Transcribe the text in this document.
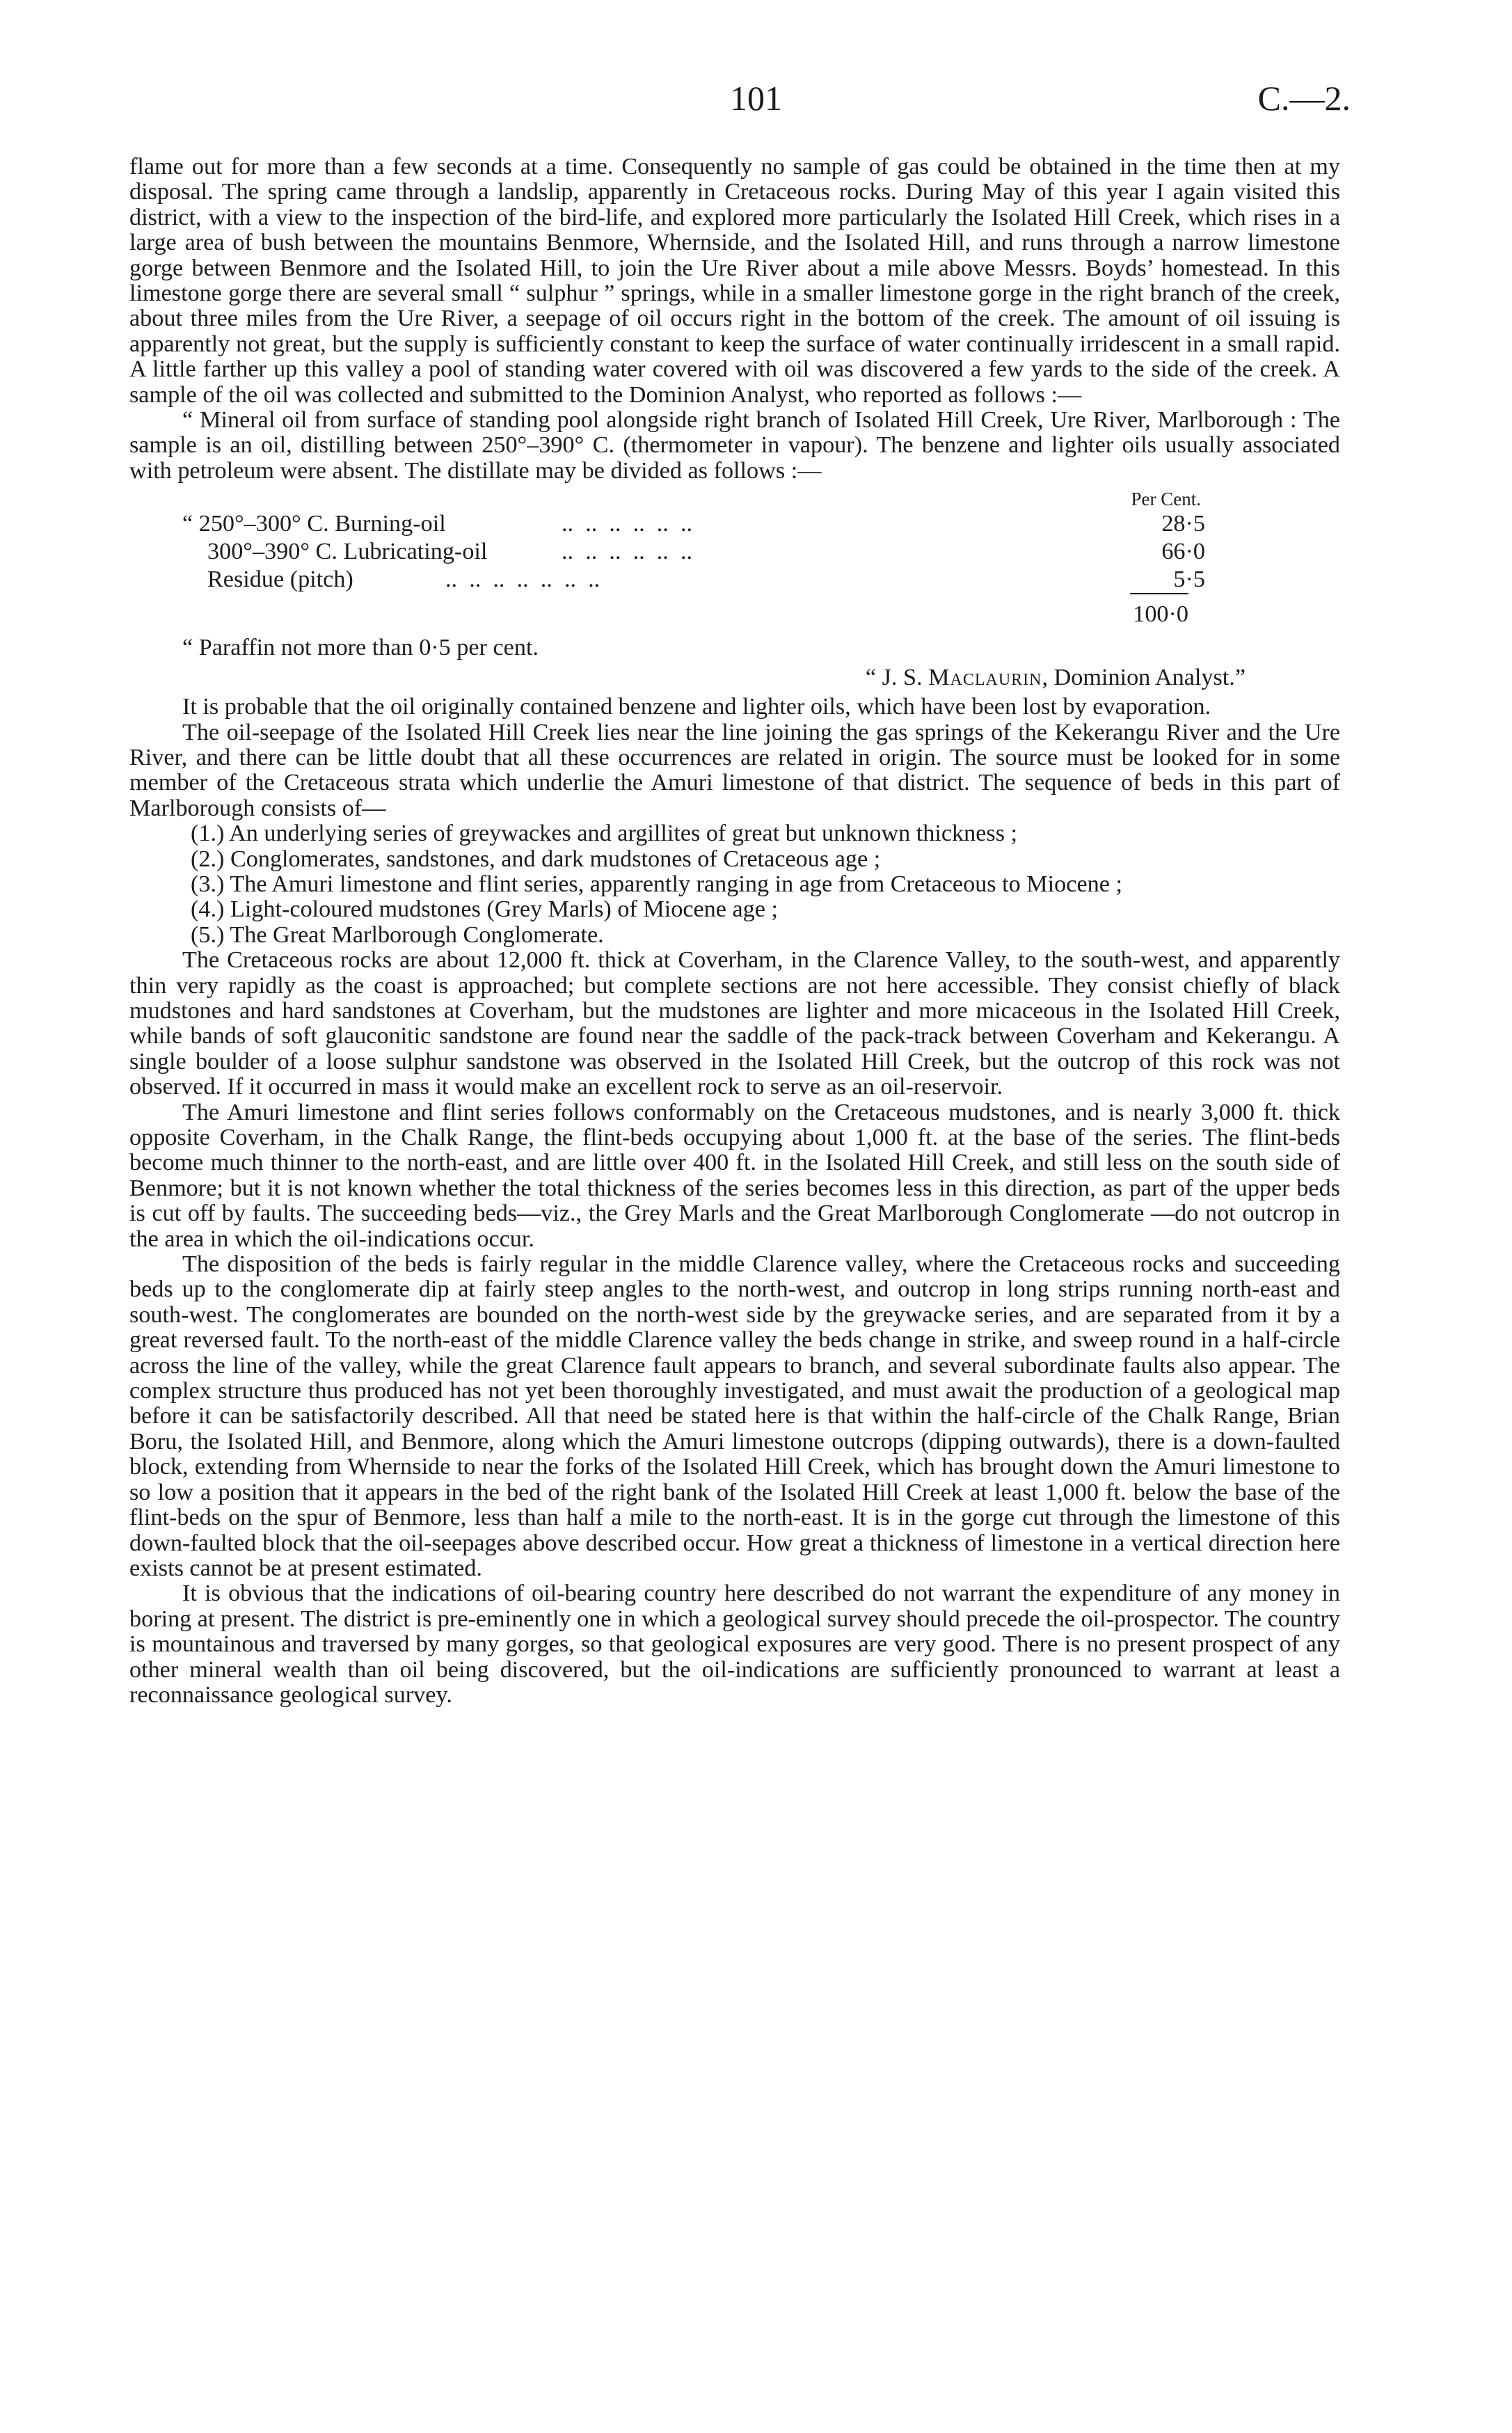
101	C.—2.

flame out for more than a few seconds at a time. Consequently no sample of gas could be obtained in the time then at my disposal. The spring came through a landslip, apparently in Cretaceous rocks. During May of this year I again visited this district, with a view to the inspection of the bird-life, and explored more particularly the Isolated Hill Creek, which rises in a large area of bush between the mountains Benmore, Whernside, and the Isolated Hill, and runs through a narrow limestone gorge between Benmore and the Isolated Hill, to join the Ure River about a mile above Messrs. Boyds’ homestead. In this limestone gorge there are several small “ sulphur ” springs, while in a smaller limestone gorge in the right branch of the creek, about three miles from the Ure River, a seepage of oil occurs right in the bottom of the creek. The amount of oil issuing is apparently not great, but the supply is sufficiently constant to keep the surface of water continually irridescent in a small rapid. A little farther up this valley a pool of standing water covered with oil was discovered a few yards to the side of the creek. A sample of the oil was collected and submitted to the Dominion Analyst, who reported as follows :—

“ Mineral oil from surface of standing pool alongside right branch of Isolated Hill Creek, Ure River, Marlborough : The sample is an oil, distilling between 250°–390° C. (thermometer in vapour). The benzene and lighter oils usually associated with petroleum were absent. The distillate may be divided as follows :—

Per Cent.
“ 250°–300° C. Burning-oil	..  ..  ..  ..  ..  ..	28·5
300°–390° C. Lubricating-oil	..  ..  ..  ..  ..  ..	66·0
Residue (pitch)	..  ..  ..  ..  ..  ..  ..	5·5
100·0

“ Paraffin not more than 0·5 per cent.

“ J. S. Maclaurin, Dominion Analyst.”

It is probable that the oil originally contained benzene and lighter oils, which have been lost by evaporation.

The oil-seepage of the Isolated Hill Creek lies near the line joining the gas springs of the Kekerangu River and the Ure River, and there can be little doubt that all these occurrences are related in origin. The source must be looked for in some member of the Cretaceous strata which underlie the Amuri limestone of that district. The sequence of beds in this part of Marlborough consists of—

(1.) An underlying series of greywackes and argillites of great but unknown thickness ;

(2.) Conglomerates, sandstones, and dark mudstones of Cretaceous age ;

(3.) The Amuri limestone and flint series, apparently ranging in age from Cretaceous to Miocene ;

(4.) Light-coloured mudstones (Grey Marls) of Miocene age ;

(5.) The Great Marlborough Conglomerate.

The Cretaceous rocks are about 12,000 ft. thick at Coverham, in the Clarence Valley, to the south-west, and apparently thin very rapidly as the coast is approached; but complete sections are not here accessible. They consist chiefly of black mudstones and hard sandstones at Coverham, but the mudstones are lighter and more micaceous in the Isolated Hill Creek, while bands of soft glauconitic sandstone are found near the saddle of the pack-track between Coverham and Kekerangu. A single boulder of a loose sulphur sandstone was observed in the Isolated Hill Creek, but the outcrop of this rock was not observed. If it occurred in mass it would make an excellent rock to serve as an oil-reservoir.

The Amuri limestone and flint series follows conformably on the Cretaceous mudstones, and is nearly 3,000 ft. thick opposite Coverham, in the Chalk Range, the flint-beds occupying about 1,000 ft. at the base of the series. The flint-beds become much thinner to the north-east, and are little over 400 ft. in the Isolated Hill Creek, and still less on the south side of Benmore; but it is not known whether the total thickness of the series becomes less in this direction, as part of the upper beds is cut off by faults. The succeeding beds—viz., the Grey Marls and the Great Marlborough Conglomerate —do not outcrop in the area in which the oil-indications occur.

The disposition of the beds is fairly regular in the middle Clarence valley, where the Cretaceous rocks and succeeding beds up to the conglomerate dip at fairly steep angles to the north-west, and outcrop in long strips running north-east and south-west. The conglomerates are bounded on the north-west side by the greywacke series, and are separated from it by a great reversed fault. To the north-east of the middle Clarence valley the beds change in strike, and sweep round in a half-circle across the line of the valley, while the great Clarence fault appears to branch, and several subordinate faults also appear. The complex structure thus produced has not yet been thoroughly investigated, and must await the production of a geological map before it can be satisfactorily described. All that need be stated here is that within the half-circle of the Chalk Range, Brian Boru, the Isolated Hill, and Benmore, along which the Amuri limestone outcrops (dipping outwards), there is a down-faulted block, extending from Whernside to near the forks of the Isolated Hill Creek, which has brought down the Amuri limestone to so low a position that it appears in the bed of the right bank of the Isolated Hill Creek at least 1,000 ft. below the base of the flint-beds on the spur of Benmore, less than half a mile to the north-east. It is in the gorge cut through the limestone of this down-faulted block that the oil-seepages above described occur. How great a thickness of limestone in a vertical direction here exists cannot be at present estimated.

It is obvious that the indications of oil-bearing country here described do not warrant the expenditure of any money in boring at present. The district is pre-eminently one in which a geological survey should precede the oil-prospector. The country is mountainous and traversed by many gorges, so that geological exposures are very good. There is no present prospect of any other mineral wealth than oil being discovered, but the oil-indications are sufficiently pronounced to warrant at least a reconnaissance geological survey.
